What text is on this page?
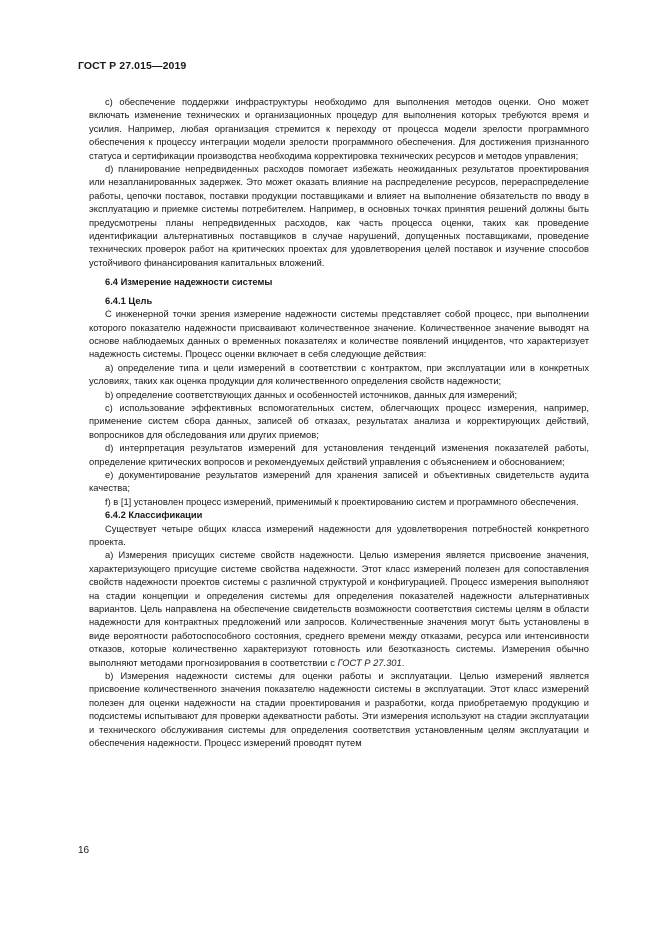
ГОСТ Р 27.015—2019

c) обеспечение поддержки инфраструктуры необходимо для выполнения методов оценки. Оно может включать изменение технических и организационных процедур для выполнения которых требуются время и усилия. Например, любая организация стремится к переходу от процесса модели зрелости программного обеспечения к процессу интеграции модели зрелости программного обеспечения. Для достижения признанного статуса и сертификации производства необходима корректировка технических ресурсов и методов управления;

d) планирование непредвиденных расходов помогает избежать неожиданных результатов проектирования или незапланированных задержек. Это может оказать влияние на распределение ресурсов, перераспределение работы, цепочки поставок, поставки продукции поставщиками и влияет на выполнение обязательств по вводу в эксплуатацию и приемке системы потребителем. Например, в основных точках принятия решений должны быть предусмотрены планы непредвиденных расходов, как часть процесса оценки, таких как проведение идентификации альтернативных поставщиков в случае нарушений, допущенных поставщиками, проведение технических проверок работ на критических проектах для удовлетворения целей поставок и изучение способов устойчивого финансирования капитальных вложений.

6.4 Измерение надежности системы

6.4.1 Цель

С инженерной точки зрения измерение надежности системы представляет собой процесс, при выполнении которого показателю надежности присваивают количественное значение. Количественное значение выводят на основе наблюдаемых данных о временных показателях и количестве появлений инцидентов, что характеризует надежность системы. Процесс оценки включает в себя следующие действия:

a) определение типа и цели измерений в соответствии с контрактом, при эксплуатации или в конкретных условиях, таких как оценка продукции для количественного определения свойств надежности;

b) определение соответствующих данных и особенностей источников, данных для измерений;

c) использование эффективных вспомогательных систем, облегчающих процесс измерения, например, применение систем сбора данных, записей об отказах, результатах анализа и корректирующих действий, вопросников для обследования или других приемов;

d) интерпретация результатов измерений для установления тенденций изменения показателей работы, определение критических вопросов и рекомендуемых действий управления с объяснением и обоснованием;

e) документирование результатов измерений для хранения записей и объективных свидетельств аудита качества;

f) в [1] установлен процесс измерений, применимый к проектированию систем и программного обеспечения.

6.4.2 Классификации

Существует четыре общих класса измерений надежности для удовлетворения потребностей конкретного проекта.

a) Измерения присущих системе свойств надежности. Целью измерения является присвоение значения, характеризующего присущие системе свойства надежности. Этот класс измерений полезен для сопоставления свойств надежности проектов системы с различной структурой и конфигурацией. Процесс измерения выполняют на стадии концепции и определения системы для определения показателей надежности альтернативных вариантов. Цель направлена на обеспечение свидетельств возможности соответствия системы целям в области надежности для контрактных предложений или запросов. Количественные значения могут быть установлены в виде вероятности работоспособного состояния, среднего времени между отказами, ресурса или интенсивности отказов, которые количественно характеризуют готовность или безотказность системы. Измерения обычно выполняют методами прогнозирования в соответствии с ГОСТ Р 27.301.

b) Измерения надежности системы для оценки работы и эксплуатации. Целью измерений является присвоение количественного значения показателю надежности системы в эксплуатации. Этот класс измерений полезен для оценки надежности на стадии проектирования и разработки, когда приобретаемую продукцию и подсистемы испытывают для проверки адекватности работы. Эти измерения используют на стадии эксплуатации и технического обслуживания системы для определения соответствия установленным целям эксплуатации и обеспечения надежности. Процесс измерений проводят путем

16
